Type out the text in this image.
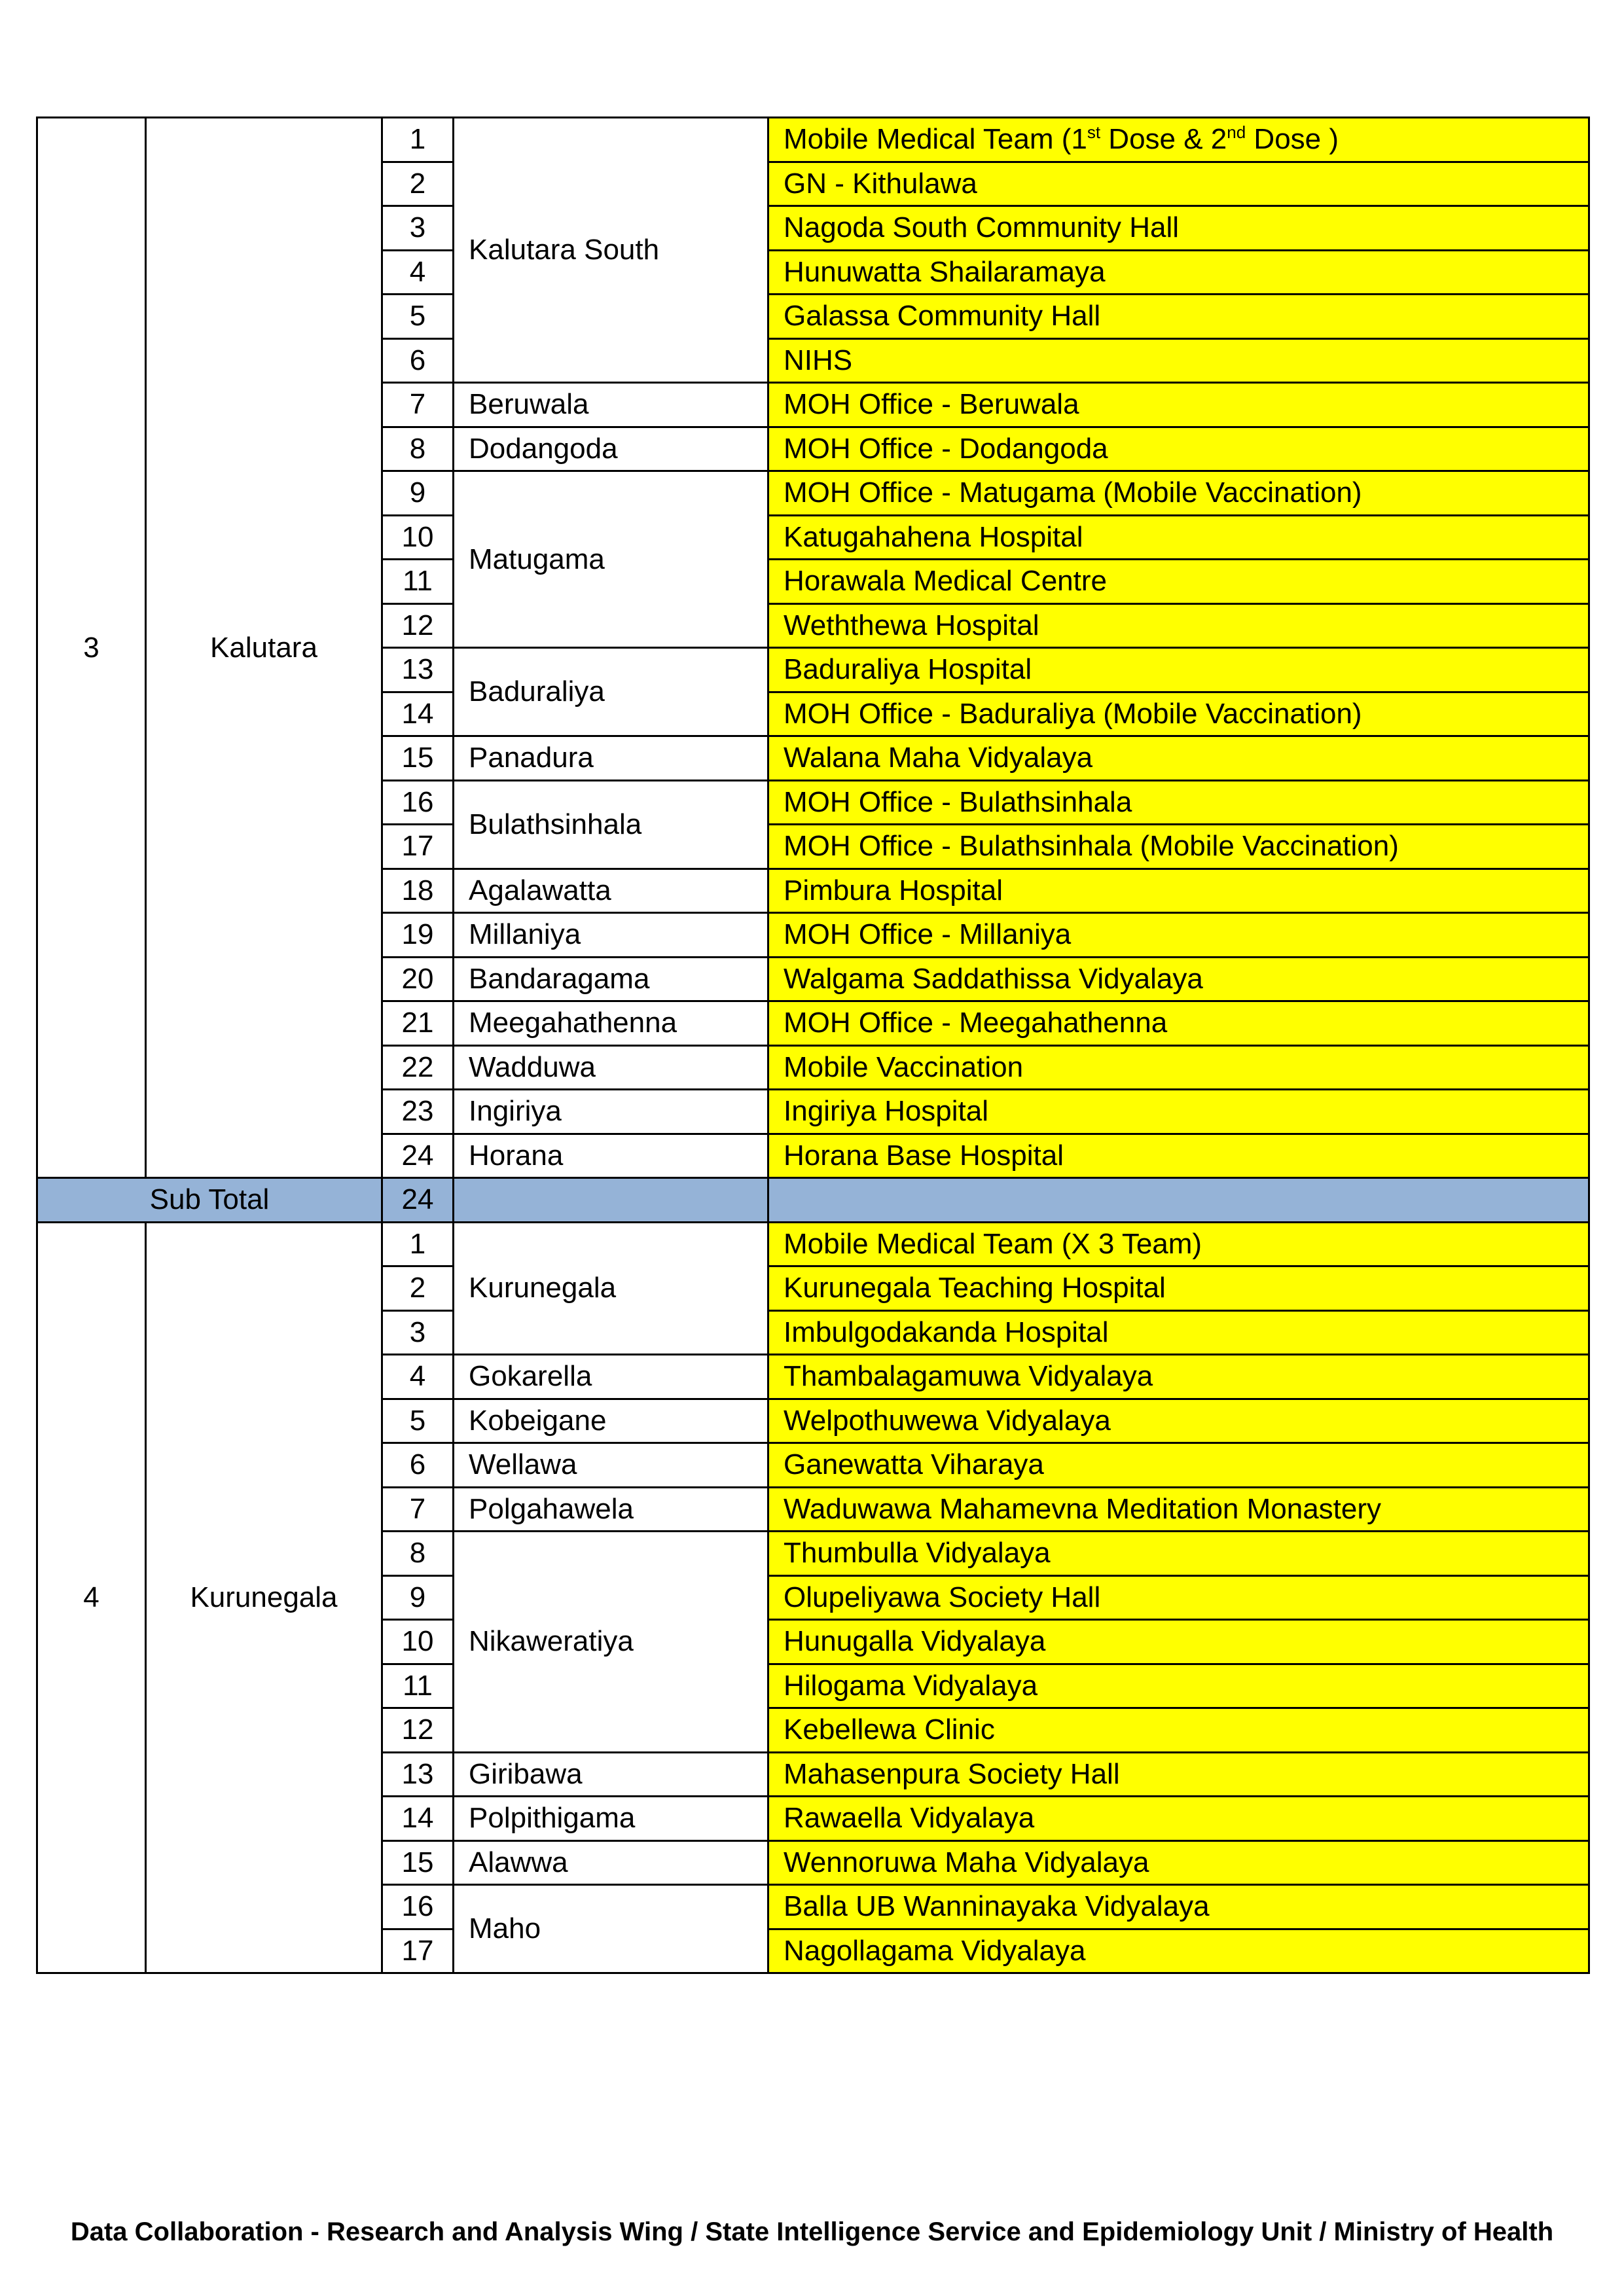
3	Kalutara	1	Kalutara South	Mobile Medical Team (1st Dose & 2nd Dose )
		2		GN - Kithulawa
		3		Nagoda South Community Hall
		4		Hunuwatta Shailaramaya
		5		Galassa Community Hall
		6		NIHS
		7	Beruwala	MOH Office - Beruwala
		8	Dodangoda	MOH Office - Dodangoda
		9	Matugama	MOH Office - Matugama (Mobile Vaccination)
		10		Katugahahena Hospital
		11		Horawala Medical Centre
		12		Weththewa Hospital
		13	Baduraliya	Baduraliya Hospital
		14		MOH Office - Baduraliya (Mobile Vaccination)
		15	Panadura	Walana Maha Vidyalaya
		16	Bulathsinhala	MOH Office - Bulathsinhala
		17		MOH Office - Bulathsinhala (Mobile Vaccination)
		18	Agalawatta	Pimbura Hospital
		19	Millaniya	MOH Office - Millaniya
		20	Bandaragama	Walgama Saddathissa Vidyalaya
		21	Meegahathenna	MOH Office - Meegahathenna
		22	Wadduwa	Mobile Vaccination
		23	Ingiriya	Ingiriya Hospital
		24	Horana	Horana Base Hospital
Sub Total		24		
4	Kurunegala	1	Kurunegala	Mobile Medical Team (X 3 Team)
		2		Kurunegala Teaching Hospital
		3		Imbulgodakanda Hospital
		4	Gokarella	Thambalagamuwa Vidyalaya
		5	Kobeigane	Welpothuwewa Vidyalaya
		6	Wellawa	Ganewatta Viharaya
		7	Polgahawela	Waduwawa Mahamevna Meditation Monastery
		8	Nikaweratiya	Thumbulla Vidyalaya
		9		Olupeliyawa Society Hall
		10		Hunugalla Vidyalaya
		11		Hilogama Vidyalaya
		12		Kebellewa Clinic
		13	Giribawa	Mahasenpura Society Hall
		14	Polpithigama	Rawaella Vidyalaya
		15	Alawwa	Wennoruwa Maha Vidyalaya
		16	Maho	Balla UB Wanninayaka Vidyalaya
		17		Nagollagama Vidyalaya
Data Collaboration - Research and Analysis Wing / State Intelligence Service and Epidemiology Unit / Ministry of Health
